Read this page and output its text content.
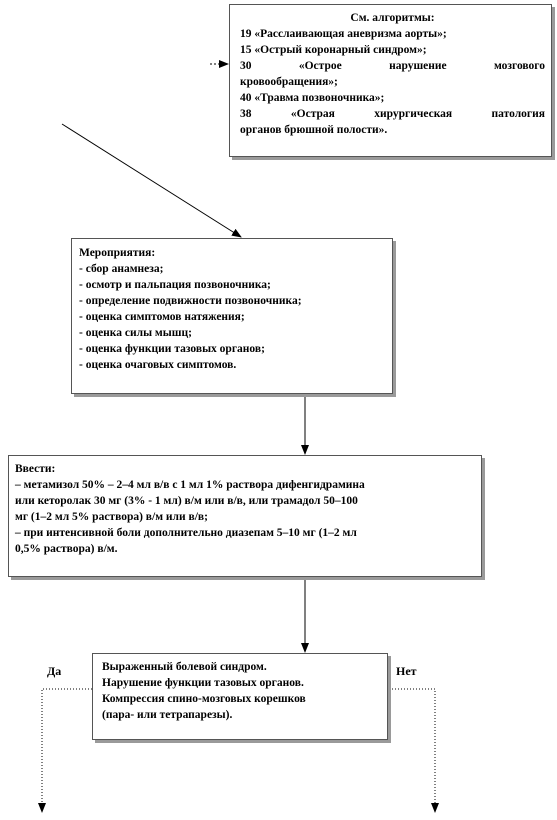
См. алгоритмы:
19 «Расслаивающая аневризма аорты»;
15 «Острый коронарный синдром»;
30 «Острое нарушение мозгового
кровообращения»;
40 «Травма позвоночника»;
38 «Острая хирургическая патология
органов брюшной полости».
Мероприятия:
- сбор анамнеза;
- осмотр и пальпация позвоночника;
- определение подвижности позвоночника;
- оценка симптомов натяжения;
- оценка силы мышц;
- оценка функции тазовых органов;
- оценка очаговых симптомов.
Ввести:
– метамизол 50% – 2–4 мл в/в с 1 мл 1% раствора дифенгидрамина
или кеторолак 30 мг (3% - 1 мл) в/м или в/в, или трамадол 50–100
мг (1–2 мл 5% раствора) в/м или в/в;
– при интенсивной боли дополнительно диазепам 5–10 мг (1–2 мл
0,5% раствора) в/м.
Выраженный болевой синдром.
Нарушение функции тазовых органов.
Компрессия спино-мозговых корешков
(пара- или тетрапарезы).
Да	Нет
